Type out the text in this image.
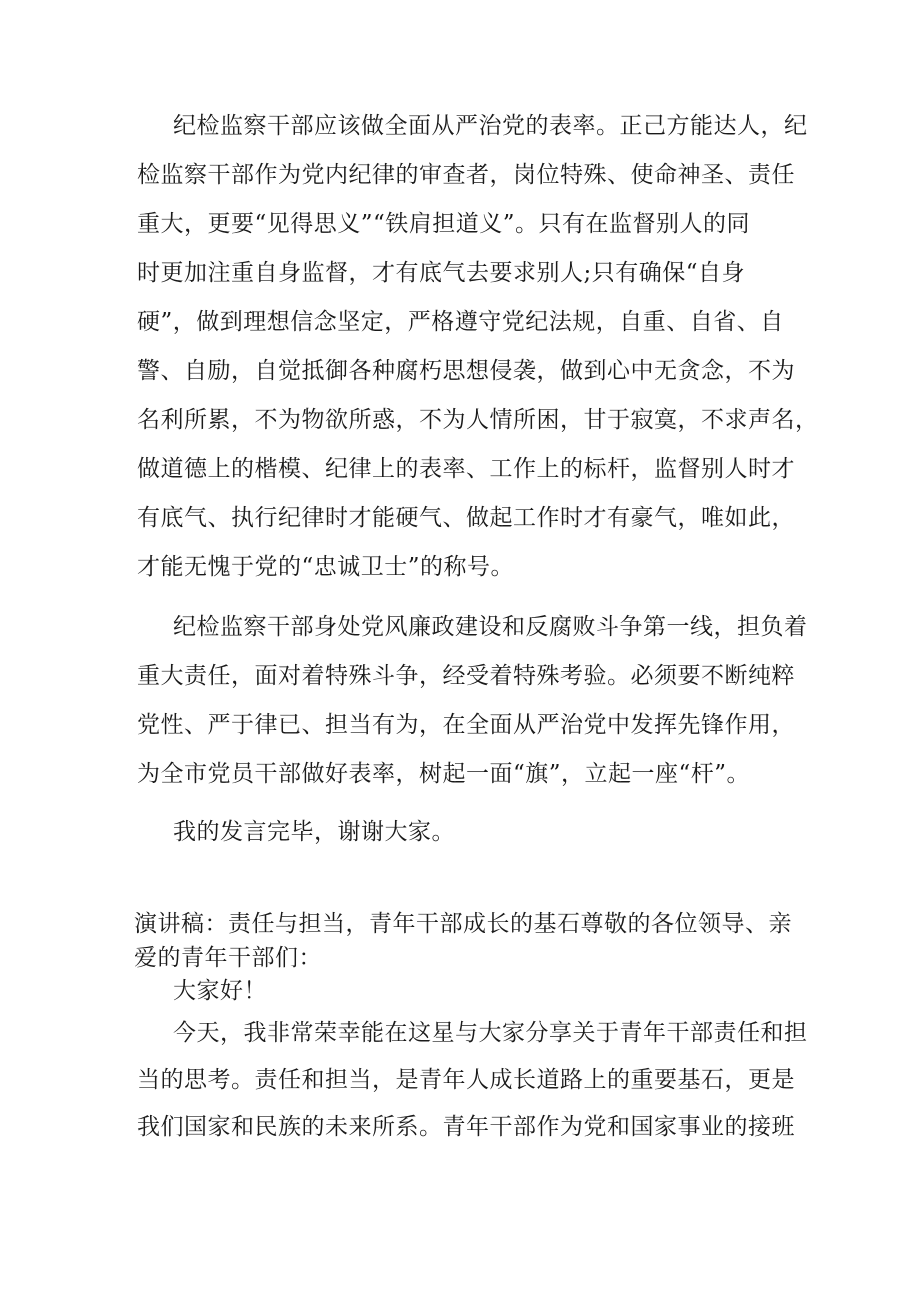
纪检监察干部应该做全面从严治党的表率。正己方能达人，纪
检监察干部作为党内纪律的审查者，岗位特殊、使命神圣、责任
重大，更要“见得思义”“铁肩担道义”。只有在监督别人的同
时更加注重自身监督，才有底气去要求别人;只有确保“自身
硬”，做到理想信念坚定，严格遵守党纪法规，自重、自省、自
警、自励，自觉抵御各种腐朽思想侵袭，做到心中无贪念，不为
名利所累，不为物欲所惑，不为人情所困，甘于寂寞，不求声名，
做道德上的楷模、纪律上的表率、工作上的标杆，监督别人时才
有底气、执行纪律时才能硬气、做起工作时才有豪气，唯如此，
才能无愧于党的“忠诚卫士”的称号。
纪检监察干部身处党风廉政建设和反腐败斗争第一线，担负着
重大责任，面对着特殊斗争，经受着特殊考验。必须要不断纯粹
党性、严于律已、担当有为，在全面从严治党中发挥先锋作用，
为全市党员干部做好表率，树起一面“旗”，立起一座“杆”。
我的发言完毕，谢谢大家。
演讲稿：责任与担当，青年干部成长的基石尊敬的各位领导、亲
爱的青年干部们：
大家好！
今天，我非常荣幸能在这星与大家分享关于青年干部责任和担
当的思考。责任和担当，是青年人成长道路上的重要基石，更是
我们国家和民族的未来所系。青年干部作为党和国家事业的接班
